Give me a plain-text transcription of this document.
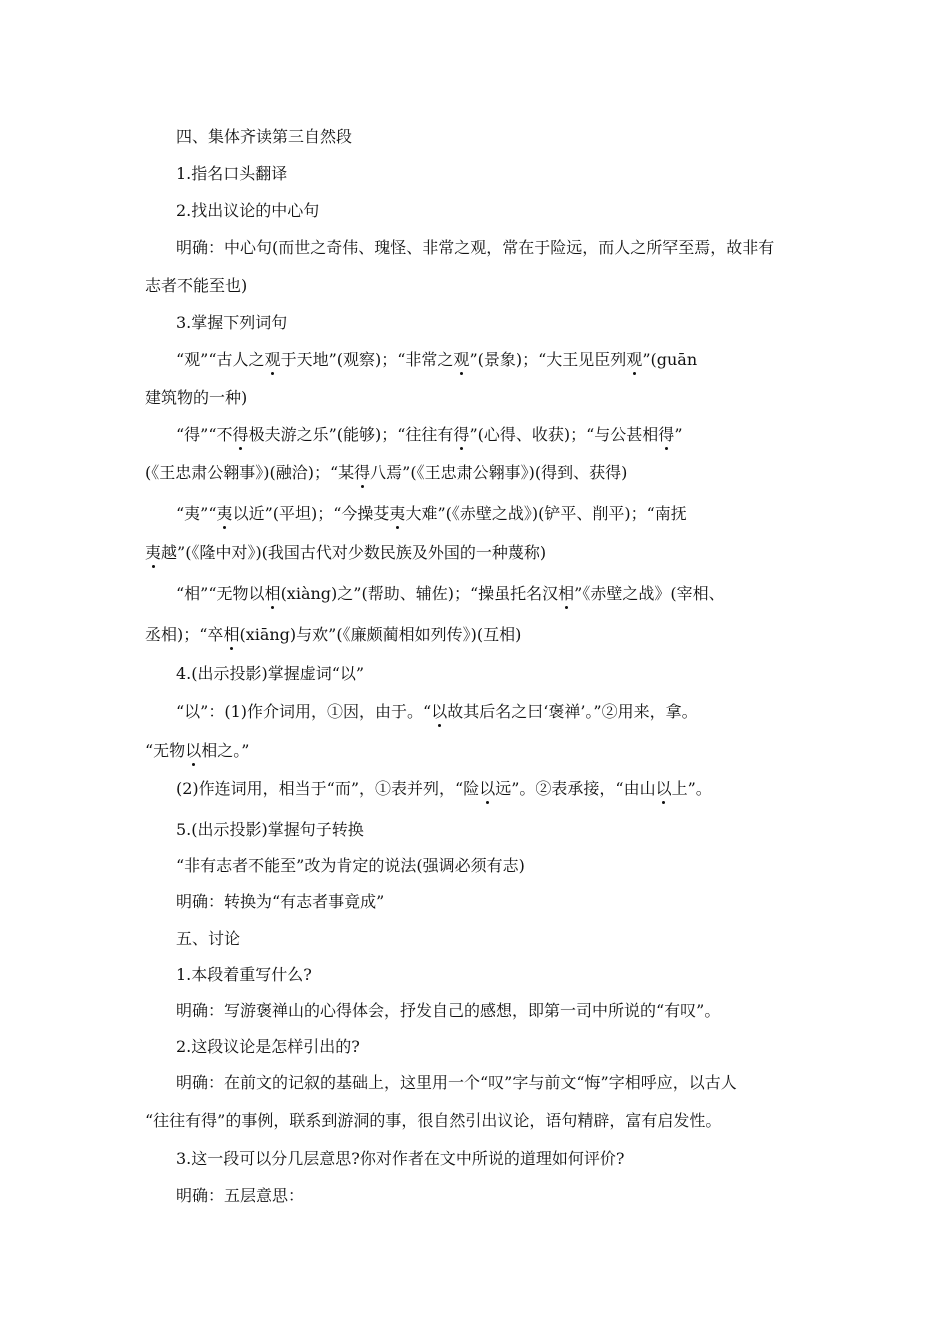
四、集体齐读第三自然段
1.指名口头翻译
2.找出议论的中心句
明确：中心句(而世之奇伟、瑰怪、非常之观，常在于险远，而人之所罕至焉，故非有
志者不能至也)
3.掌握下列词句
“观”“古人之观于天地”(观察)；“非常之观”(景象)；“大王见臣列观”(guān
建筑物的一种)
“得”“不得极夫游之乐”(能够)；“往往有得”(心得、收获)；“与公甚相得”
(《王忠肃公翱事》)(融洽)；“某得八焉”(《王忠肃公翱事》)(得到、获得)
“夷”“夷以近”(平坦)；“今操芟夷大难”(《赤壁之战》)(铲平、削平)；“南抚
夷越”(《隆中对》)(我国古代对少数民族及外国的一种蔑称)
“相”“无物以相(xiàng)之”(帮助、辅佐)；“操虽托名汉相”《赤壁之战》(宰相、
丞相)；“卒相(xiāng)与欢”(《廉颇蔺相如列传》)(互相)
4.(出示投影)掌握虚词“以”
“以”：(1)作介词用，①因，由于。“以故其后名之曰‘褒禅’。”②用来，拿。
“无物以相之。”
(2)作连词用，相当于“而”，①表并列，“险以远”。②表承接，“由山以上”。
5.(出示投影)掌握句子转换
“非有志者不能至”改为肯定的说法(强调必须有志)
明确：转换为“有志者事竟成”
五、讨论
1.本段着重写什么?
明确：写游褒禅山的心得体会，抒发自己的感想，即第一司中所说的“有叹”。
2.这段议论是怎样引出的?
明确：在前文的记叙的基础上，这里用一个“叹”字与前文“悔”字相呼应，以古人
“往往有得”的事例，联系到游洞的事，很自然引出议论，语句精辟，富有启发性。
3.这一段可以分几层意思?你对作者在文中所说的道理如何评价?
明确：五层意思：
